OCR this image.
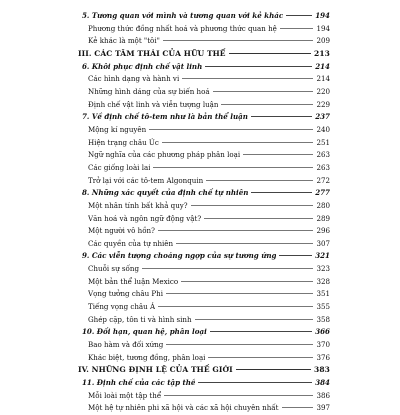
5. Tương quan với mình và tương quan với kẻ khác	194
Phương thức đồng nhất hoá và phương thức quan hệ	194
Kẻ khác là một "tôi"	209
III. CÁC TÂM THÁI CỦA HỮU THỂ	213
6. Khôi phục định chế vật linh	214
Các hình dạng và hành vi	214
Những hình dáng của sự biến hoá	220
Định chế vật linh và viễn tượng luận	229
7. Về định chế tô-tem như là bản thể luận	237
Mộng kí nguyên	240
Hiện trạng châu Úc	251
Ngữ nghĩa của các phương pháp phân loại	263
Các giống loài lai	263
Trở lại với các tô-tem Algonquin	272
8. Những xác quyết của định chế tự nhiên	277
Một nhân tính bất khả quy?	280
Văn hoá và ngôn ngữ động vật?	289
Một người vô hồn?	296
Các quyền của tự nhiên	307
9. Các viễn tượng choáng ngợp của sự tương ứng	321
Chuỗi sự sống	323
Một bản thể luận Mexico	328
Vọng tưởng châu Phi	351
Tiếng vọng châu Á	355
Ghép cặp, tôn ti và hình sinh	358
10. Đối hạn, quan hệ, phân loại	366
Bao hàm và đối xứng	370
Khác biệt, tương đồng, phân loại	376
IV. NHỮNG ĐỊNH LỆ CỦA THẾ GIỚI	383
11. Định chế của các tập thể	384
Mỗi loài một tập thể	386
Một hệ tự nhiên phi xã hội và các xã hội chuyên nhất	397
